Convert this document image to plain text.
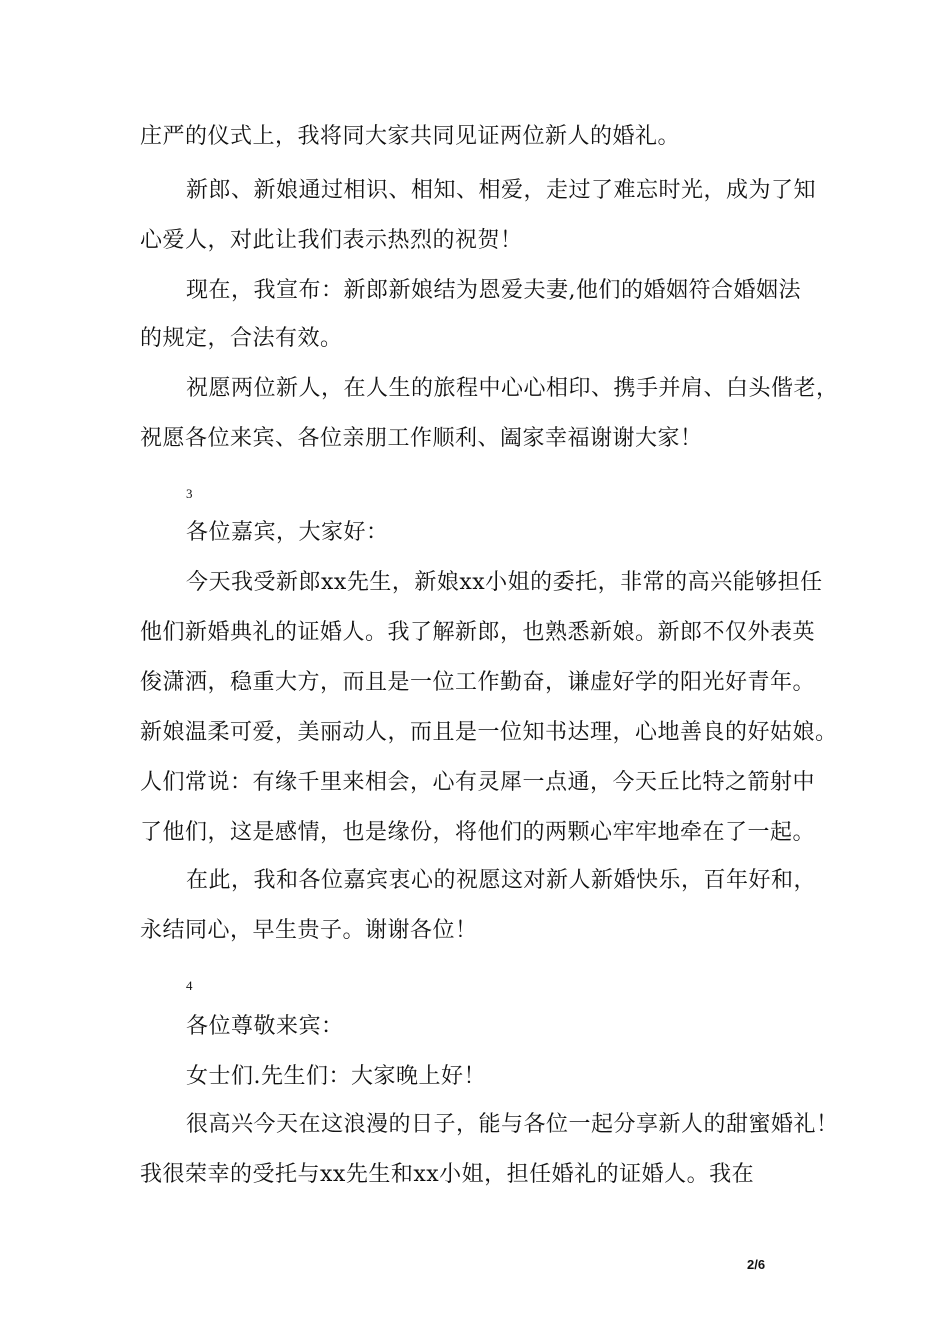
庄严的仪式上，我将同大家共同见证两位新人的婚礼。
新郎、新娘通过相识、相知、相爱，走过了难忘时光，成为了知
心爱人，对此让我们表示热烈的祝贺！
现在，我宣布：新郎新娘结为恩爱夫妻,他们的婚姻符合婚姻法
的规定，合法有效。
祝愿两位新人，在人生的旅程中心心相印、携手并肩、白头偕老，
祝愿各位来宾、各位亲朋工作顺利、阖家幸福谢谢大家！
3
各位嘉宾，大家好：
今天我受新郎xx先生，新娘xx小姐的委托，非常的高兴能够担任
他们新婚典礼的证婚人。我了解新郎，也熟悉新娘。新郎不仅外表英
俊潇洒，稳重大方，而且是一位工作勤奋，谦虚好学的阳光好青年。
新娘温柔可爱，美丽动人，而且是一位知书达理，心地善良的好姑娘。
人们常说：有缘千里来相会，心有灵犀一点通，今天丘比特之箭射中
了他们，这是感情，也是缘份，将他们的两颗心牢牢地牵在了一起。
在此，我和各位嘉宾衷心的祝愿这对新人新婚快乐，百年好和，
永结同心，早生贵子。谢谢各位！
4
各位尊敬来宾：
女士们.先生们：大家晚上好！
很高兴今天在这浪漫的日子，能与各位一起分享新人的甜蜜婚礼！
我很荣幸的受托与xx先生和xx小姐，担任婚礼的证婚人。我在
2/6
